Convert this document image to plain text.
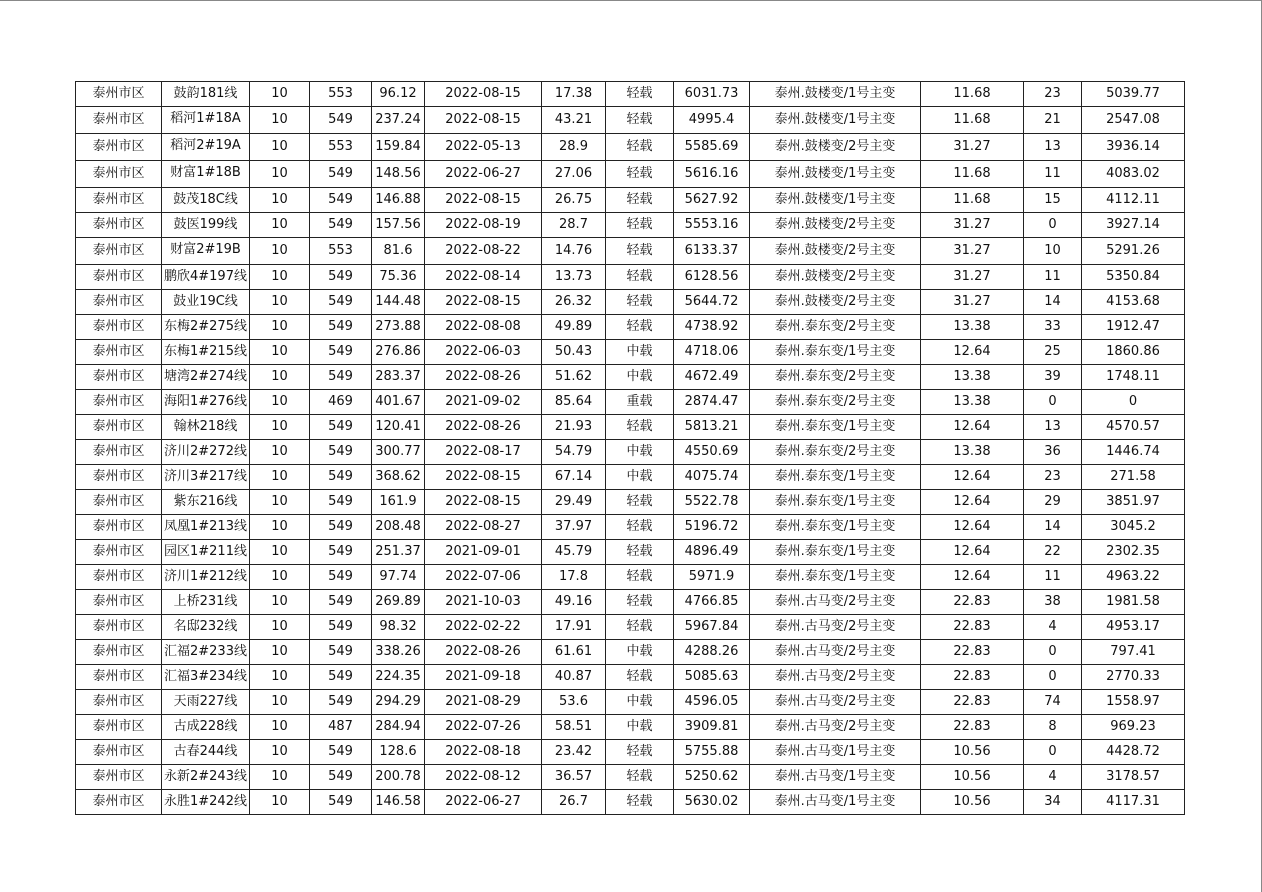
泰州市区	鼓韵181线	10	553	96.12	2022-08-15	17.38	轻载	6031.73	泰州.鼓楼变/1号主变	11.68	23	5039.77
泰州市区	稻河1#18A	10	549	237.24	2022-08-15	43.21	轻载	4995.4	泰州.鼓楼变/1号主变	11.68	21	2547.08
泰州市区	稻河2#19A	10	553	159.84	2022-05-13	28.9	轻载	5585.69	泰州.鼓楼变/2号主变	31.27	13	3936.14
泰州市区	财富1#18B	10	549	148.56	2022-06-27	27.06	轻载	5616.16	泰州.鼓楼变/1号主变	11.68	11	4083.02
泰州市区	鼓茂18C线	10	549	146.88	2022-08-15	26.75	轻载	5627.92	泰州.鼓楼变/1号主变	11.68	15	4112.11
泰州市区	鼓医199线	10	549	157.56	2022-08-19	28.7	轻载	5553.16	泰州.鼓楼变/2号主变	31.27	0	3927.14
泰州市区	财富2#19B	10	553	81.6	2022-08-22	14.76	轻载	6133.37	泰州.鼓楼变/2号主变	31.27	10	5291.26
泰州市区	鹏欣4#197线	10	549	75.36	2022-08-14	13.73	轻载	6128.56	泰州.鼓楼变/2号主变	31.27	11	5350.84
泰州市区	鼓业19C线	10	549	144.48	2022-08-15	26.32	轻载	5644.72	泰州.鼓楼变/2号主变	31.27	14	4153.68
泰州市区	东梅2#275线	10	549	273.88	2022-08-08	49.89	轻载	4738.92	泰州.泰东变/2号主变	13.38	33	1912.47
泰州市区	东梅1#215线	10	549	276.86	2022-06-03	50.43	中载	4718.06	泰州.泰东变/1号主变	12.64	25	1860.86
泰州市区	塘湾2#274线	10	549	283.37	2022-08-26	51.62	中载	4672.49	泰州.泰东变/2号主变	13.38	39	1748.11
泰州市区	海阳1#276线	10	469	401.67	2021-09-02	85.64	重载	2874.47	泰州.泰东变/2号主变	13.38	0	0
泰州市区	翰林218线	10	549	120.41	2022-08-26	21.93	轻载	5813.21	泰州.泰东变/1号主变	12.64	13	4570.57
泰州市区	济川2#272线	10	549	300.77	2022-08-17	54.79	中载	4550.69	泰州.泰东变/2号主变	13.38	36	1446.74
泰州市区	济川3#217线	10	549	368.62	2022-08-15	67.14	中载	4075.74	泰州.泰东变/1号主变	12.64	23	271.58
泰州市区	紫东216线	10	549	161.9	2022-08-15	29.49	轻载	5522.78	泰州.泰东变/1号主变	12.64	29	3851.97
泰州市区	凤凰1#213线	10	549	208.48	2022-08-27	37.97	轻载	5196.72	泰州.泰东变/1号主变	12.64	14	3045.2
泰州市区	园区1#211线	10	549	251.37	2021-09-01	45.79	轻载	4896.49	泰州.泰东变/1号主变	12.64	22	2302.35
泰州市区	济川1#212线	10	549	97.74	2022-07-06	17.8	轻载	5971.9	泰州.泰东变/1号主变	12.64	11	4963.22
泰州市区	上桥231线	10	549	269.89	2021-10-03	49.16	轻载	4766.85	泰州.古马变/2号主变	22.83	38	1981.58
泰州市区	名邸232线	10	549	98.32	2022-02-22	17.91	轻载	5967.84	泰州.古马变/2号主变	22.83	4	4953.17
泰州市区	汇福2#233线	10	549	338.26	2022-08-26	61.61	中载	4288.26	泰州.古马变/2号主变	22.83	0	797.41
泰州市区	汇福3#234线	10	549	224.35	2021-09-18	40.87	轻载	5085.63	泰州.古马变/2号主变	22.83	0	2770.33
泰州市区	天雨227线	10	549	294.29	2021-08-29	53.6	中载	4596.05	泰州.古马变/2号主变	22.83	74	1558.97
泰州市区	古成228线	10	487	284.94	2022-07-26	58.51	中载	3909.81	泰州.古马变/2号主变	22.83	8	969.23
泰州市区	古春244线	10	549	128.6	2022-08-18	23.42	轻载	5755.88	泰州.古马变/1号主变	10.56	0	4428.72
泰州市区	永新2#243线	10	549	200.78	2022-08-12	36.57	轻载	5250.62	泰州.古马变/1号主变	10.56	4	3178.57
泰州市区	永胜1#242线	10	549	146.58	2022-06-27	26.7	轻载	5630.02	泰州.古马变/1号主变	10.56	34	4117.31
